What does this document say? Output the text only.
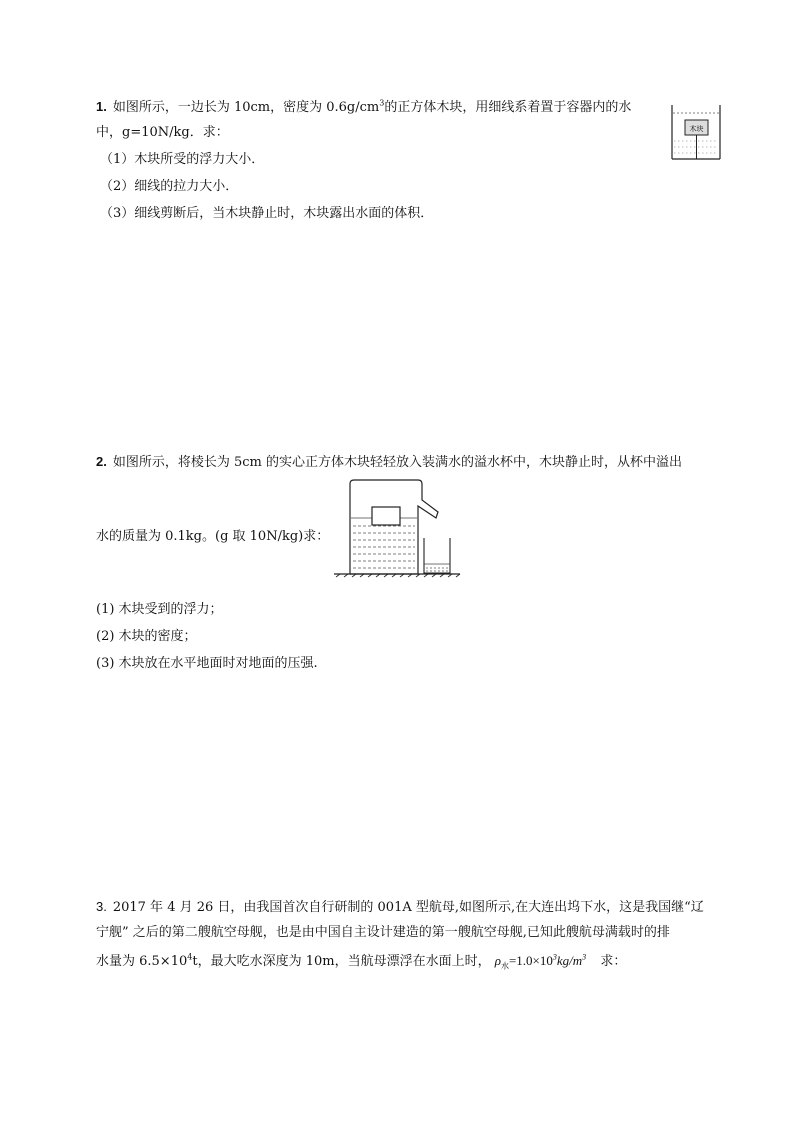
1. 如图所示，一边长为 10cm，密度为 $0.6g/cm^3$的正方体木块，用细线系着置于容器内的水
中，g=10N/kg．求：
（1）木块所受的浮力大小．
（2）细线的拉力大小．
（3）细线剪断后，当木块静止时，木块露出水面的体积．
木块
2. 如图所示，将棱长为 5cm 的实心正方体木块轻轻放入装满水的溢水杯中，木块静止时，从杯中溢出
水的质量为 0.1kg。(g 取 10N/kg)求：
(1) 木块受到的浮力；
(2) 木块的密度；
(3) 木块放在水平地面时对地面的压强.
3. 2017 年 4 月 26 日，由我国首次自行研制的 001A 型航母,如图所示,在大连出坞下水，这是我国继“辽
宁舰” 之后的第二艘航空母舰，也是由中国自主设计建造的第一艘航空母舰,已知此艘航母满载时的排
水量为 $6.5\times 10^4t$，最大吃水深度为 10m，当航母漂浮在水面上时， $\rho_水=1.0\times 10^3kg/m^3$ 求：
